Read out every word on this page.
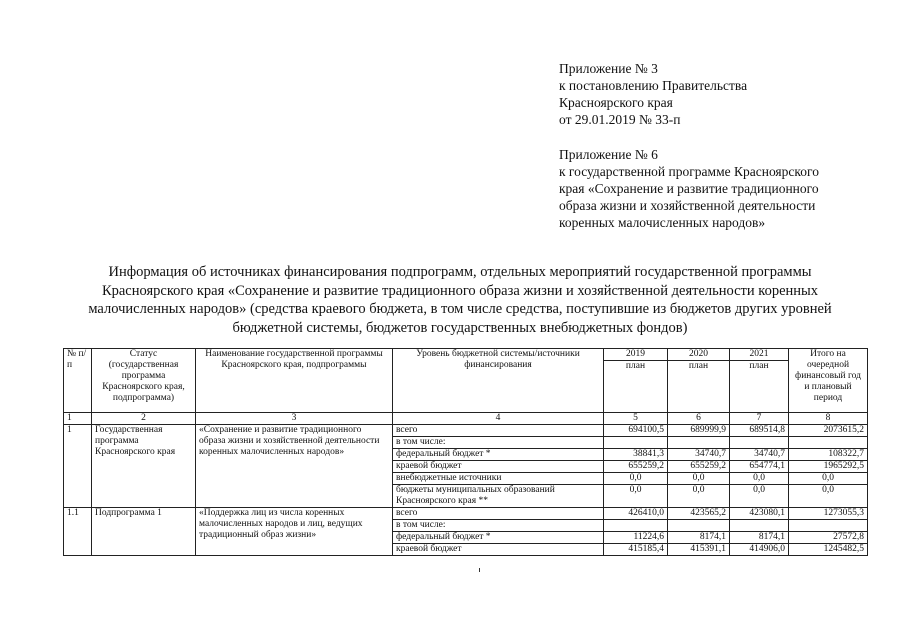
Приложение № 3
к постановлению Правительства
Красноярского края
от 29.01.2019 № 33-п
Приложение № 6
к государственной программе Красноярского
края «Сохранение и развитие традиционного
образа жизни и хозяйственной деятельности
коренных малочисленных народов»
Информация об источниках финансирования подпрограмм, отдельных мероприятий государственной программы
Красноярского края «Сохранение и развитие традиционного образа жизни и хозяйственной деятельности коренных
малочисленных народов» (средства краевого бюджета, в том числе средства, поступившие из бюджетов других уровней
бюджетной системы, бюджетов государственных внебюджетных фондов)
№ п/п	Статус (государственная программа Красноярского края, подпрограмма)	Наименование государственной программы Красноярского края, подпрограммы	Уровень бюджетной системы/источники финансирования	2019	2020	2021	Итого на очередной финансовый год и плановый период
				план	план	план	
1	2	3	4	5	6	7	8
1	Государственная программа Красноярского края	«Сохранение и развитие традиционного образа жизни и хозяйственной деятельности коренных малочисленных народов»	всего	694100,5	689999,9	689514,8	2073615,2
			в том числе:				
			федеральный бюджет *	38841,3	34740,7	34740,7	108322,7
			краевой бюджет	655259,2	655259,2	654774,1	1965292,5
			внебюджетные источники	0,0	0,0	0,0	0,0
			бюджеты муниципальных образований Красноярского края **	0,0	0,0	0,0	0,0
1.1	Подпрограмма 1	«Поддержка лиц из числа коренных малочисленных народов и лиц, ведущих традиционный образ жизни»	всего	426410,0	423565,2	423080,1	1273055,3
			в том числе:				
			федеральный бюджет *	11224,6	8174,1	8174,1	27572,8
			краевой бюджет	415185,4	415391,1	414906,0	1245482,5
